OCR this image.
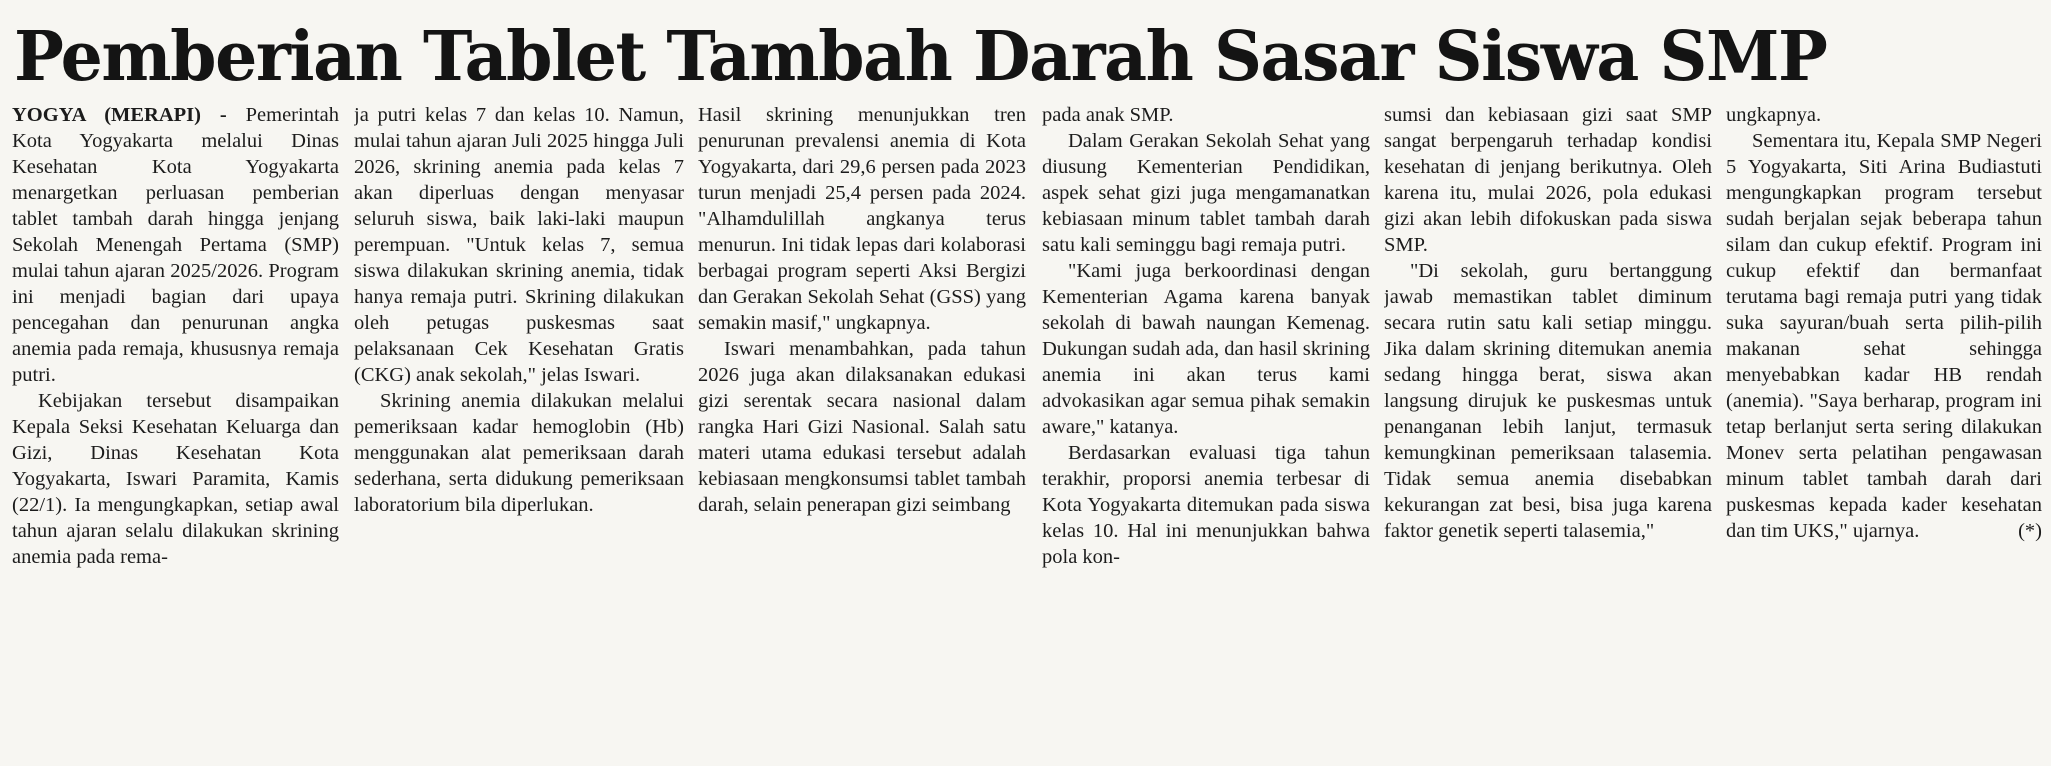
Pemberian Tablet Tambah Darah Sasar Siswa SMP

YOGYA (MERAPI) - Pemerintah Kota Yogyakarta melalui Dinas Kesehatan Kota Yogyakarta menargetkan perluasan pemberian tablet tambah darah hingga jenjang Sekolah Menengah Pertama (SMP) mulai tahun ajaran 2025/2026. Program ini menjadi bagian dari upaya pencegahan dan penurunan angka anemia pada remaja, khususnya remaja putri.

Kebijakan tersebut disampaikan Kepala Seksi Kesehatan Keluarga dan Gizi, Dinas Kesehatan Kota Yogyakarta, Iswari Paramita, Kamis (22/1). Ia mengungkapkan, setiap awal tahun ajaran selalu dilakukan skrining anemia pada rema-

ja putri kelas 7 dan kelas 10. Namun, mulai tahun ajaran Juli 2025 hingga Juli 2026, skrining anemia pada kelas 7 akan diperluas dengan menyasar seluruh siswa, baik laki-laki maupun perempuan. "Untuk kelas 7, semua siswa dilakukan skrining anemia, tidak hanya remaja putri. Skrining dilakukan oleh petugas puskesmas saat pelaksanaan Cek Kesehatan Gratis (CKG) anak sekolah," jelas Iswari.

Skrining anemia dilakukan melalui pemeriksaan kadar hemoglobin (Hb) menggunakan alat pemeriksaan darah sederhana, serta didukung pemeriksaan laboratorium bila diperlukan.

Hasil skrining menunjukkan tren penurunan prevalensi anemia di Kota Yogyakarta, dari 29,6 persen pada 2023 turun menjadi 25,4 persen pada 2024. "Alhamdulillah angkanya terus menurun. Ini tidak lepas dari kolaborasi berbagai program seperti Aksi Bergizi dan Gerakan Sekolah Sehat (GSS) yang semakin masif," ungkapnya.

Iswari menambahkan, pada tahun 2026 juga akan dilaksanakan edukasi gizi serentak secara nasional dalam rangka Hari Gizi Nasional. Salah satu materi utama edukasi tersebut adalah kebiasaan mengkonsumsi tablet tambah darah, selain penerapan gizi seimbang

pada anak SMP.

Dalam Gerakan Sekolah Sehat yang diusung Kementerian Pendidikan, aspek sehat gizi juga mengamanatkan kebiasaan minum tablet tambah darah satu kali seminggu bagi remaja putri.

"Kami juga berkoordinasi dengan Kementerian Agama karena banyak sekolah di bawah naungan Kemenag. Dukungan sudah ada, dan hasil skrining anemia ini akan terus kami advokasikan agar semua pihak semakin aware," katanya.

Berdasarkan evaluasi tiga tahun terakhir, proporsi anemia terbesar di Kota Yogyakarta ditemukan pada siswa kelas 10. Hal ini menunjukkan bahwa pola kon-

sumsi dan kebiasaan gizi saat SMP sangat berpengaruh terhadap kondisi kesehatan di jenjang berikutnya. Oleh karena itu, mulai 2026, pola edukasi gizi akan lebih difokuskan pada siswa SMP.

"Di sekolah, guru bertanggung jawab memastikan tablet diminum secara rutin satu kali setiap minggu. Jika dalam skrining ditemukan anemia sedang hingga berat, siswa akan langsung dirujuk ke puskesmas untuk penanganan lebih lanjut, termasuk kemungkinan pemeriksaan talasemia. Tidak semua anemia disebabkan kekurangan zat besi, bisa juga karena faktor genetik seperti talasemia,"

ungkapnya.

Sementara itu, Kepala SMP Negeri 5 Yogyakarta, Siti Arina Budiastuti mengungkapkan program tersebut sudah berjalan sejak beberapa tahun silam dan cukup efektif. Program ini cukup efektif dan bermanfaat terutama bagi remaja putri yang tidak suka sayuran/buah serta pilih-pilih makanan sehat sehingga menyebabkan kadar HB rendah (anemia). "Saya berharap, program ini tetap berlanjut serta sering dilakukan Monev serta pelatihan pengawasan minum tablet tambah darah dari puskesmas kepada kader kesehatan dan tim UKS," ujarnya.	(*)
